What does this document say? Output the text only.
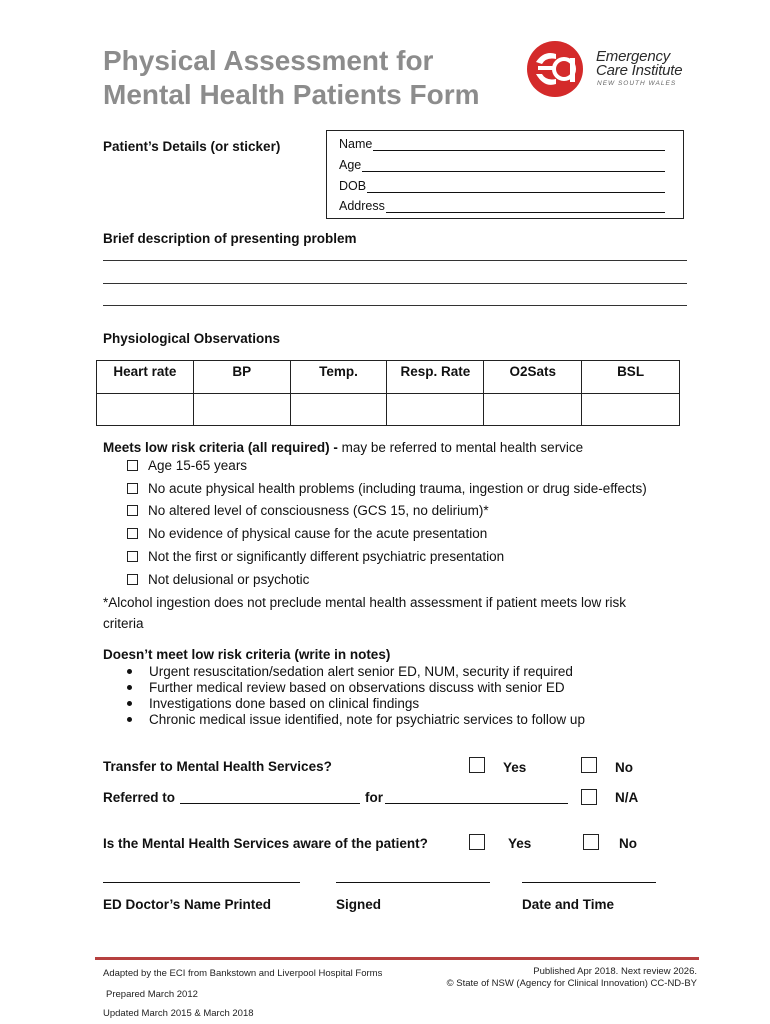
Physical Assessment for
Mental Health Patients Form
Emergency
Care Institute
NEW SOUTH WALES
Patient’s Details (or sticker)	Name
Age
DOB
Address
Brief description of presenting problem
Physiological Observations
Heart rate	BP	Temp.	Resp. Rate	O2Sats	BSL

Meets low risk criteria (all required) - may be referred to mental health service
Age 15-65 years
No acute physical health problems (including trauma, ingestion or drug side-effects)
No altered level of consciousness (GCS 15, no delirium)*
No evidence of physical cause for the acute presentation
Not the first or significantly different psychiatric presentation
Not delusional or psychotic
*Alcohol ingestion does not preclude mental health assessment if patient meets low risk
criteria
Doesn’t meet low risk criteria (write in notes)
Urgent resuscitation/sedation alert senior ED, NUM, security if required
Further medical review based on observations discuss with senior ED
Investigations done based on clinical findings
Chronic medical issue identified, note for psychiatric services to follow up
Transfer to Mental Health Services?	Yes	No
Referred to	for	N/A
Is the Mental Health Services aware of the patient?	Yes	No
ED Doctor’s Name Printed	Signed	Date and Time
Adapted by the ECI from Bankstown and Liverpool Hospital Forms
Prepared March 2012
Updated March 2015 & March 2018
Published Apr 2018. Next review 2026.
© State of NSW (Agency for Clinical Innovation) CC-ND-BY
